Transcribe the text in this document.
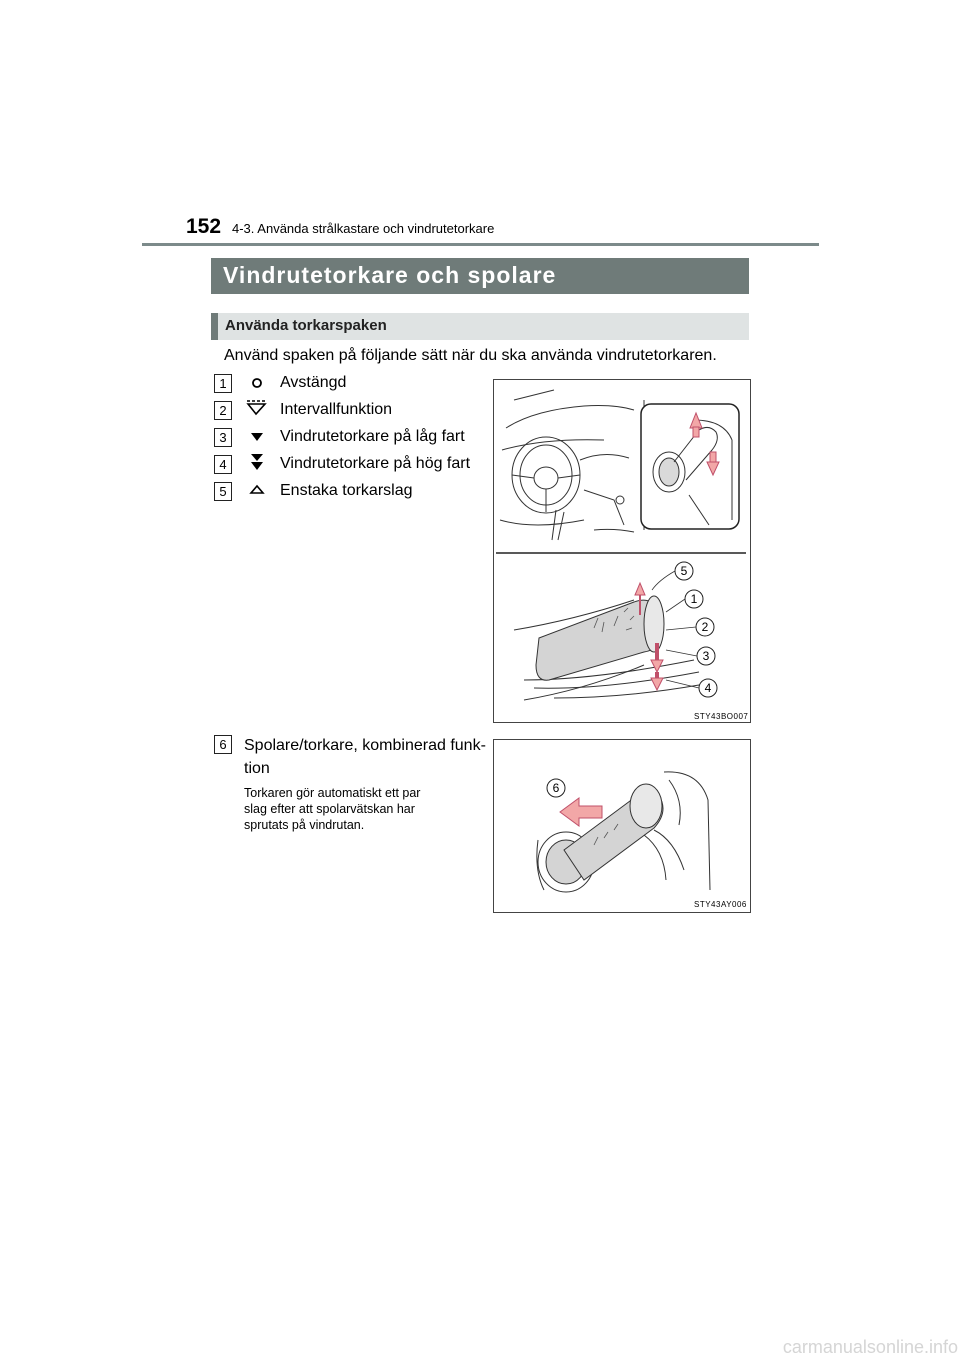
152 4-3. Använda strålkastare och vindrutetorkare
Vindrutetorkare och spolare
Använda torkarspaken
Använd spaken på följande sätt när du ska använda vindrutetorkaren.
1	Avstängd
2	Intervallfunktion
3	Vindrutetorkare på låg fart
4	Vindrutetorkare på hög fart
5	Enstaka torkarslag
5
1
2
3
4
STY43BO007
6	Spolare/torkare, kombinerad funk-
tion
Torkaren gör automatiskt ett par
slag efter att spolarvätskan har
sprutats på vindrutan.
6
STY43AY006
carmanualsonline.info
